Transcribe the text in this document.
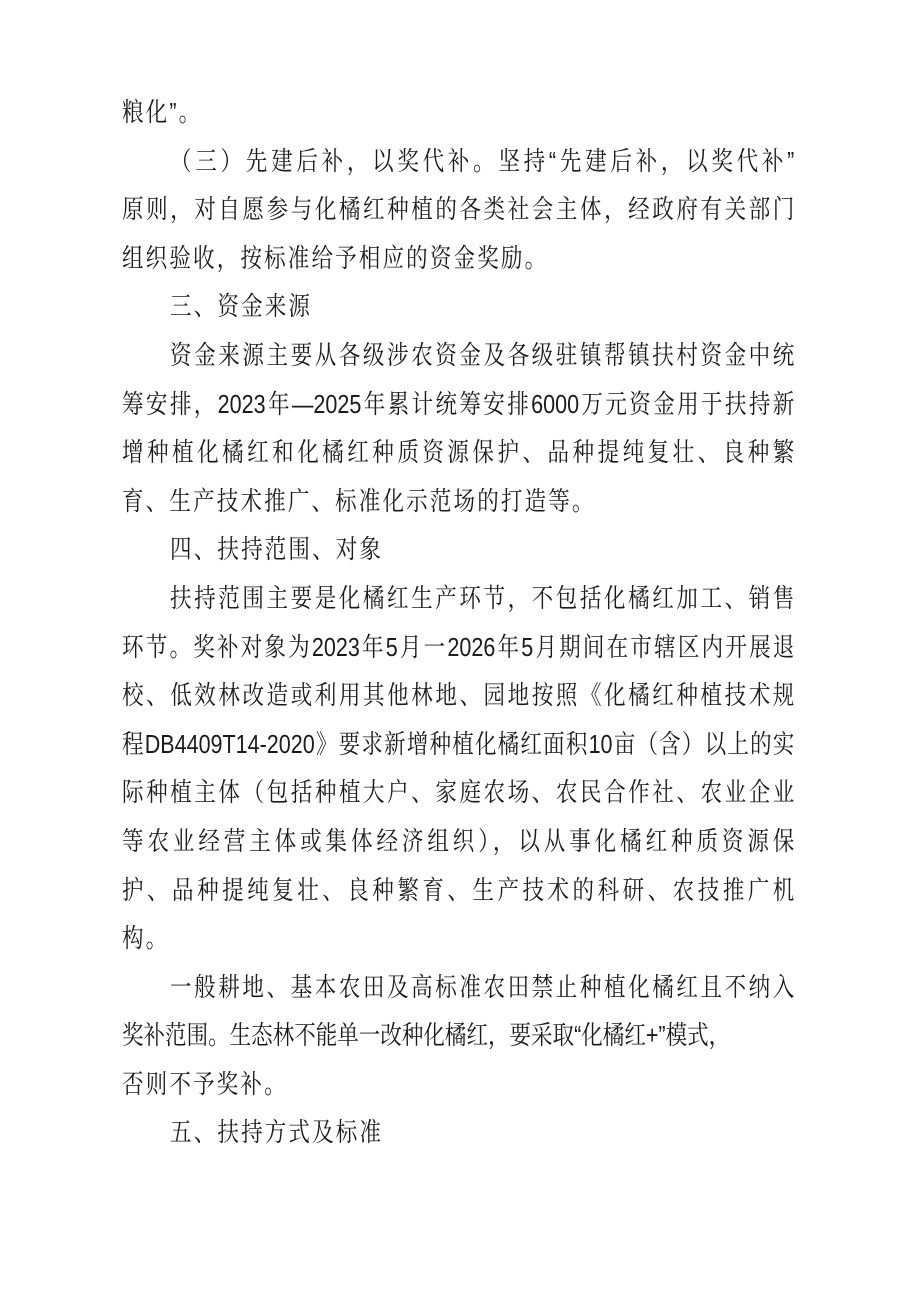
粮化”。
（三）先建后补，以奖代补。坚持“先建后补，以奖代补”
原则，对自愿参与化橘红种植的各类社会主体，经政府有关部门
组织验收，按标准给予相应的资金奖励。
三、资金来源
资金来源主要从各级涉农资金及各级驻镇帮镇扶村资金中统
筹安排，2023年—2025年累计统筹安排6000万元资金用于扶持新
增种植化橘红和化橘红种质资源保护、品种提纯复壮、良种繁
育、生产技术推广、标准化示范场的打造等。
四、扶持范围、对象
扶持范围主要是化橘红生产环节，不包括化橘红加工、销售
环节。奖补对象为2023年5月一2026年5月期间在市辖区内开展退
校、低效林改造或利用其他林地、园地按照《化橘红种植技术规
程DB4409T14-2020》要求新增种植化橘红面积10亩（含）以上的实
际种植主体（包括种植大户、家庭农场、农民合作社、农业企业
等农业经营主体或集体经济组织），以从事化橘红种质资源保
护、品种提纯复壮、良种繁育、生产技术的科研、农技推广机
构。
一般耕地、基本农田及高标准农田禁止种植化橘红且不纳入
奖补范围。生态林不能单一改种化橘红，要采取“化橘红+”模式，
否则不予奖补。
五、扶持方式及标准
